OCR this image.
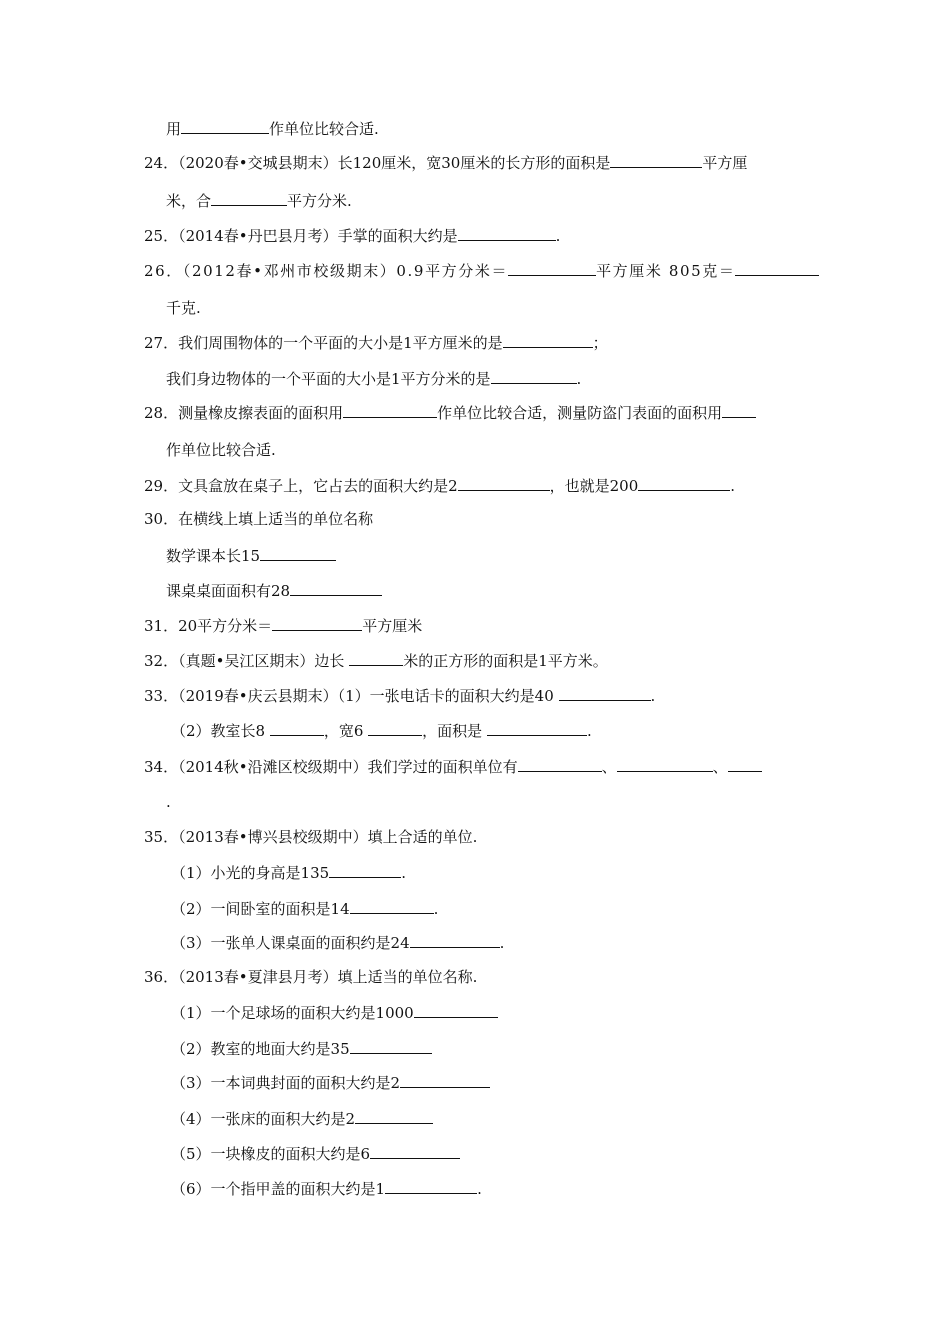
用	作单位比较合适.
24．（2020春•交城县期末）长120厘米，宽30厘米的长方形的面积是	平方厘
米，合	平方分米.
25．（2014春•丹巴县月考）手掌的面积大约是	.
26．（2012春•邓州市校级期末）0.9平方分米＝	平方厘米 805克＝
千克.
27．我们周围物体的一个平面的大小是1平方厘米的是	；
我们身边物体的一个平面的大小是1平方分米的是	.
28．测量橡皮擦表面的面积用	作单位比较合适，测量防盗门表面的面积用
作单位比较合适.
29．文具盒放在桌子上，它占去的面积大约是2	，也就是200	.
30．在横线上填上适当的单位名称
数学课本长15
课桌桌面面积有28
31．20平方分米＝	平方厘米
32．（真题•吴江区期末）边长	米的正方形的面积是1平方米。
33．（2019春•庆云县期末）（1）一张电话卡的面积大约是40	.
（2）教室长8	，宽6	，面积是	.
34．（2014秋•沿滩区校级期中）我们学过的面积单位有	、	、
.
35．（2013春•博兴县校级期中）填上合适的单位.
（1）小光的身高是135	.
（2）一间卧室的面积是14	.
（3）一张单人课桌面的面积约是24	.
36．（2013春•夏津县月考）填上适当的单位名称.
（1）一个足球场的面积大约是1000
（2）教室的地面大约是35
（3）一本词典封面的面积大约是2
（4）一张床的面积大约是2
（5）一块橡皮的面积大约是6
（6）一个指甲盖的面积大约是1	.
